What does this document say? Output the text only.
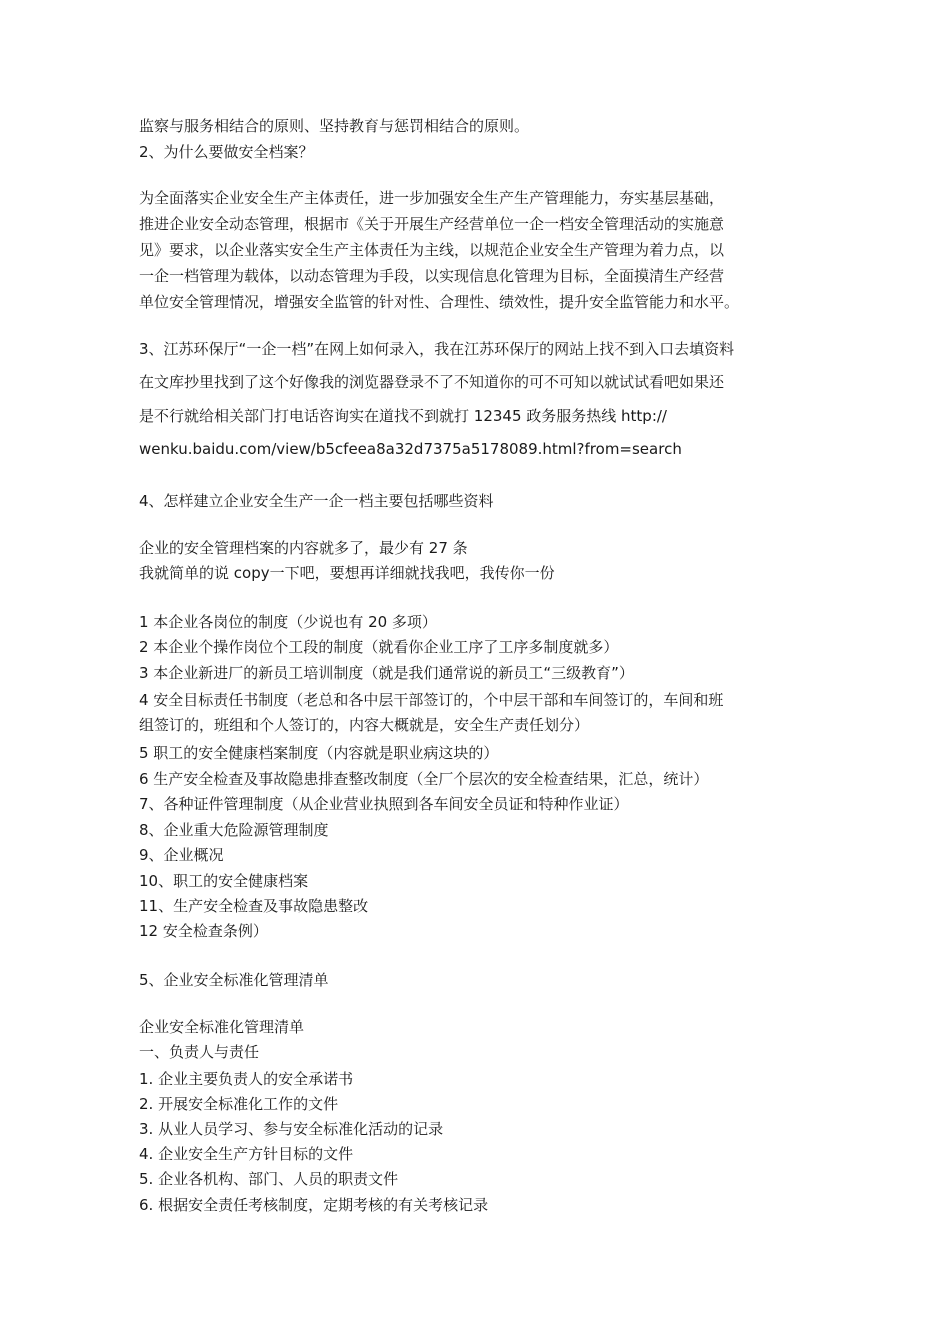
监察与服务相结合的原则、坚持教育与惩罚相结合的原则。
2、为什么要做安全档案？
为全面落实企业安全生产主体责任，进一步加强安全生产生产管理能力，夯实基层基础，
推进企业安全动态管理，根据市《关于开展生产经营单位一企一档安全管理活动的实施意
见》要求，以企业落实安全生产主体责任为主线，以规范企业安全生产管理为着力点，以
一企一档管理为载体，以动态管理为手段，以实现信息化管理为目标，全面摸清生产经营
单位安全管理情况，增强安全监管的针对性、合理性、绩效性，提升安全监管能力和水平。
3、江苏环保厅“一企一档”在网上如何录入，我在江苏环保厅的网站上找不到入口去填资料
在文库抄里找到了这个好像我的浏览器登录不了不知道你的可不可知以就试试看吧如果还
是不行就给相关部门打电话咨询实在道找不到就打 12345 政务服务热线 http://
wenku.baidu.com/view/b5cfeea8a32d7375a5178089.html?from=search
4、怎样建立企业安全生产一企一档主要包括哪些资料
企业的安全管理档案的内容就多了，最少有 27 条
我就简单的说 copy一下吧，要想再详细就找我吧，我传你一份
1 本企业各岗位的制度（少说也有 20 多项）
2 本企业个操作岗位个工段的制度（就看你企业工序了工序多制度就多）
3 本企业新进厂的新员工培训制度（就是我们通常说的新员工“三级教育”）
4 安全目标责任书制度（老总和各中层干部签订的，个中层干部和车间签订的，车间和班
组签订的，班组和个人签订的，内容大概就是，安全生产责任划分）
5 职工的安全健康档案制度（内容就是职业病这块的）
6 生产安全检查及事故隐患排查整改制度（全厂个层次的安全检查结果，汇总，统计）
7、各种证件管理制度（从企业营业执照到各车间安全员证和特种作业证）
8、企业重大危险源管理制度
9、企业概况
10、职工的安全健康档案
11、生产安全检查及事故隐患整改
12 安全检查条例）
5、企业安全标准化管理清单
企业安全标准化管理清单
一、负责人与责任
1. 企业主要负责人的安全承诺书
2. 开展安全标准化工作的文件
3. 从业人员学习、参与安全标准化活动的记录
4. 企业安全生产方针目标的文件
5. 企业各机构、部门、人员的职责文件
6. 根据安全责任考核制度，定期考核的有关考核记录
